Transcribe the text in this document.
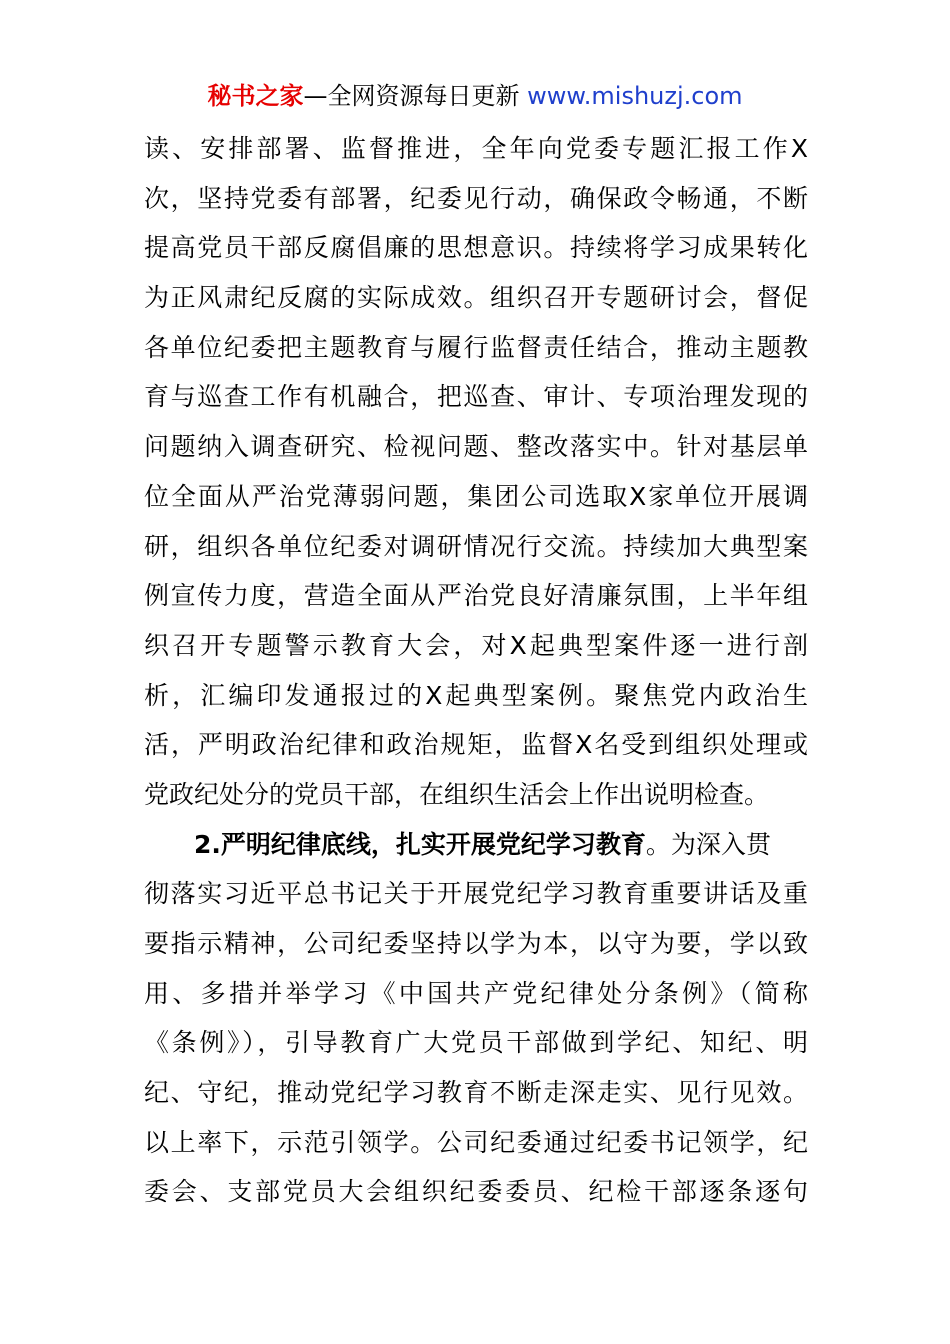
秘书之家—全网资源每日更新 www.mishuzj.com
读、安排部署、监督推进，全年向党委专题汇报工作X
次，坚持党委有部署，纪委见行动，确保政令畅通，不断
提高党员干部反腐倡廉的思想意识。持续将学习成果转化
为正风肃纪反腐的实际成效。组织召开专题研讨会，督促
各单位纪委把主题教育与履行监督责任结合，推动主题教
育与巡查工作有机融合，把巡查、审计、专项治理发现的
问题纳入调查研究、检视问题、整改落实中。针对基层单
位全面从严治党薄弱问题，集团公司选取X家单位开展调
研，组织各单位纪委对调研情况行交流。持续加大典型案
例宣传力度，营造全面从严治党良好清廉氛围，上半年组
织召开专题警示教育大会，对X起典型案件逐一进行剖
析，汇编印发通报过的X起典型案例。聚焦党内政治生
活，严明政治纪律和政治规矩，监督X名受到组织处理或
党政纪处分的党员干部，在组织生活会上作出说明检查。
2.严明纪律底线，扎实开展党纪学习教育。为深入贯
彻落实习近平总书记关于开展党纪学习教育重要讲话及重
要指示精神，公司纪委坚持以学为本，以守为要，学以致
用、多措并举学习《中国共产党纪律处分条例》（简称
《条例》），引导教育广大党员干部做到学纪、知纪、明
纪、守纪，推动党纪学习教育不断走深走实、见行见效。
以上率下，示范引领学。公司纪委通过纪委书记领学，纪
委会、支部党员大会组织纪委委员、纪检干部逐条逐句
